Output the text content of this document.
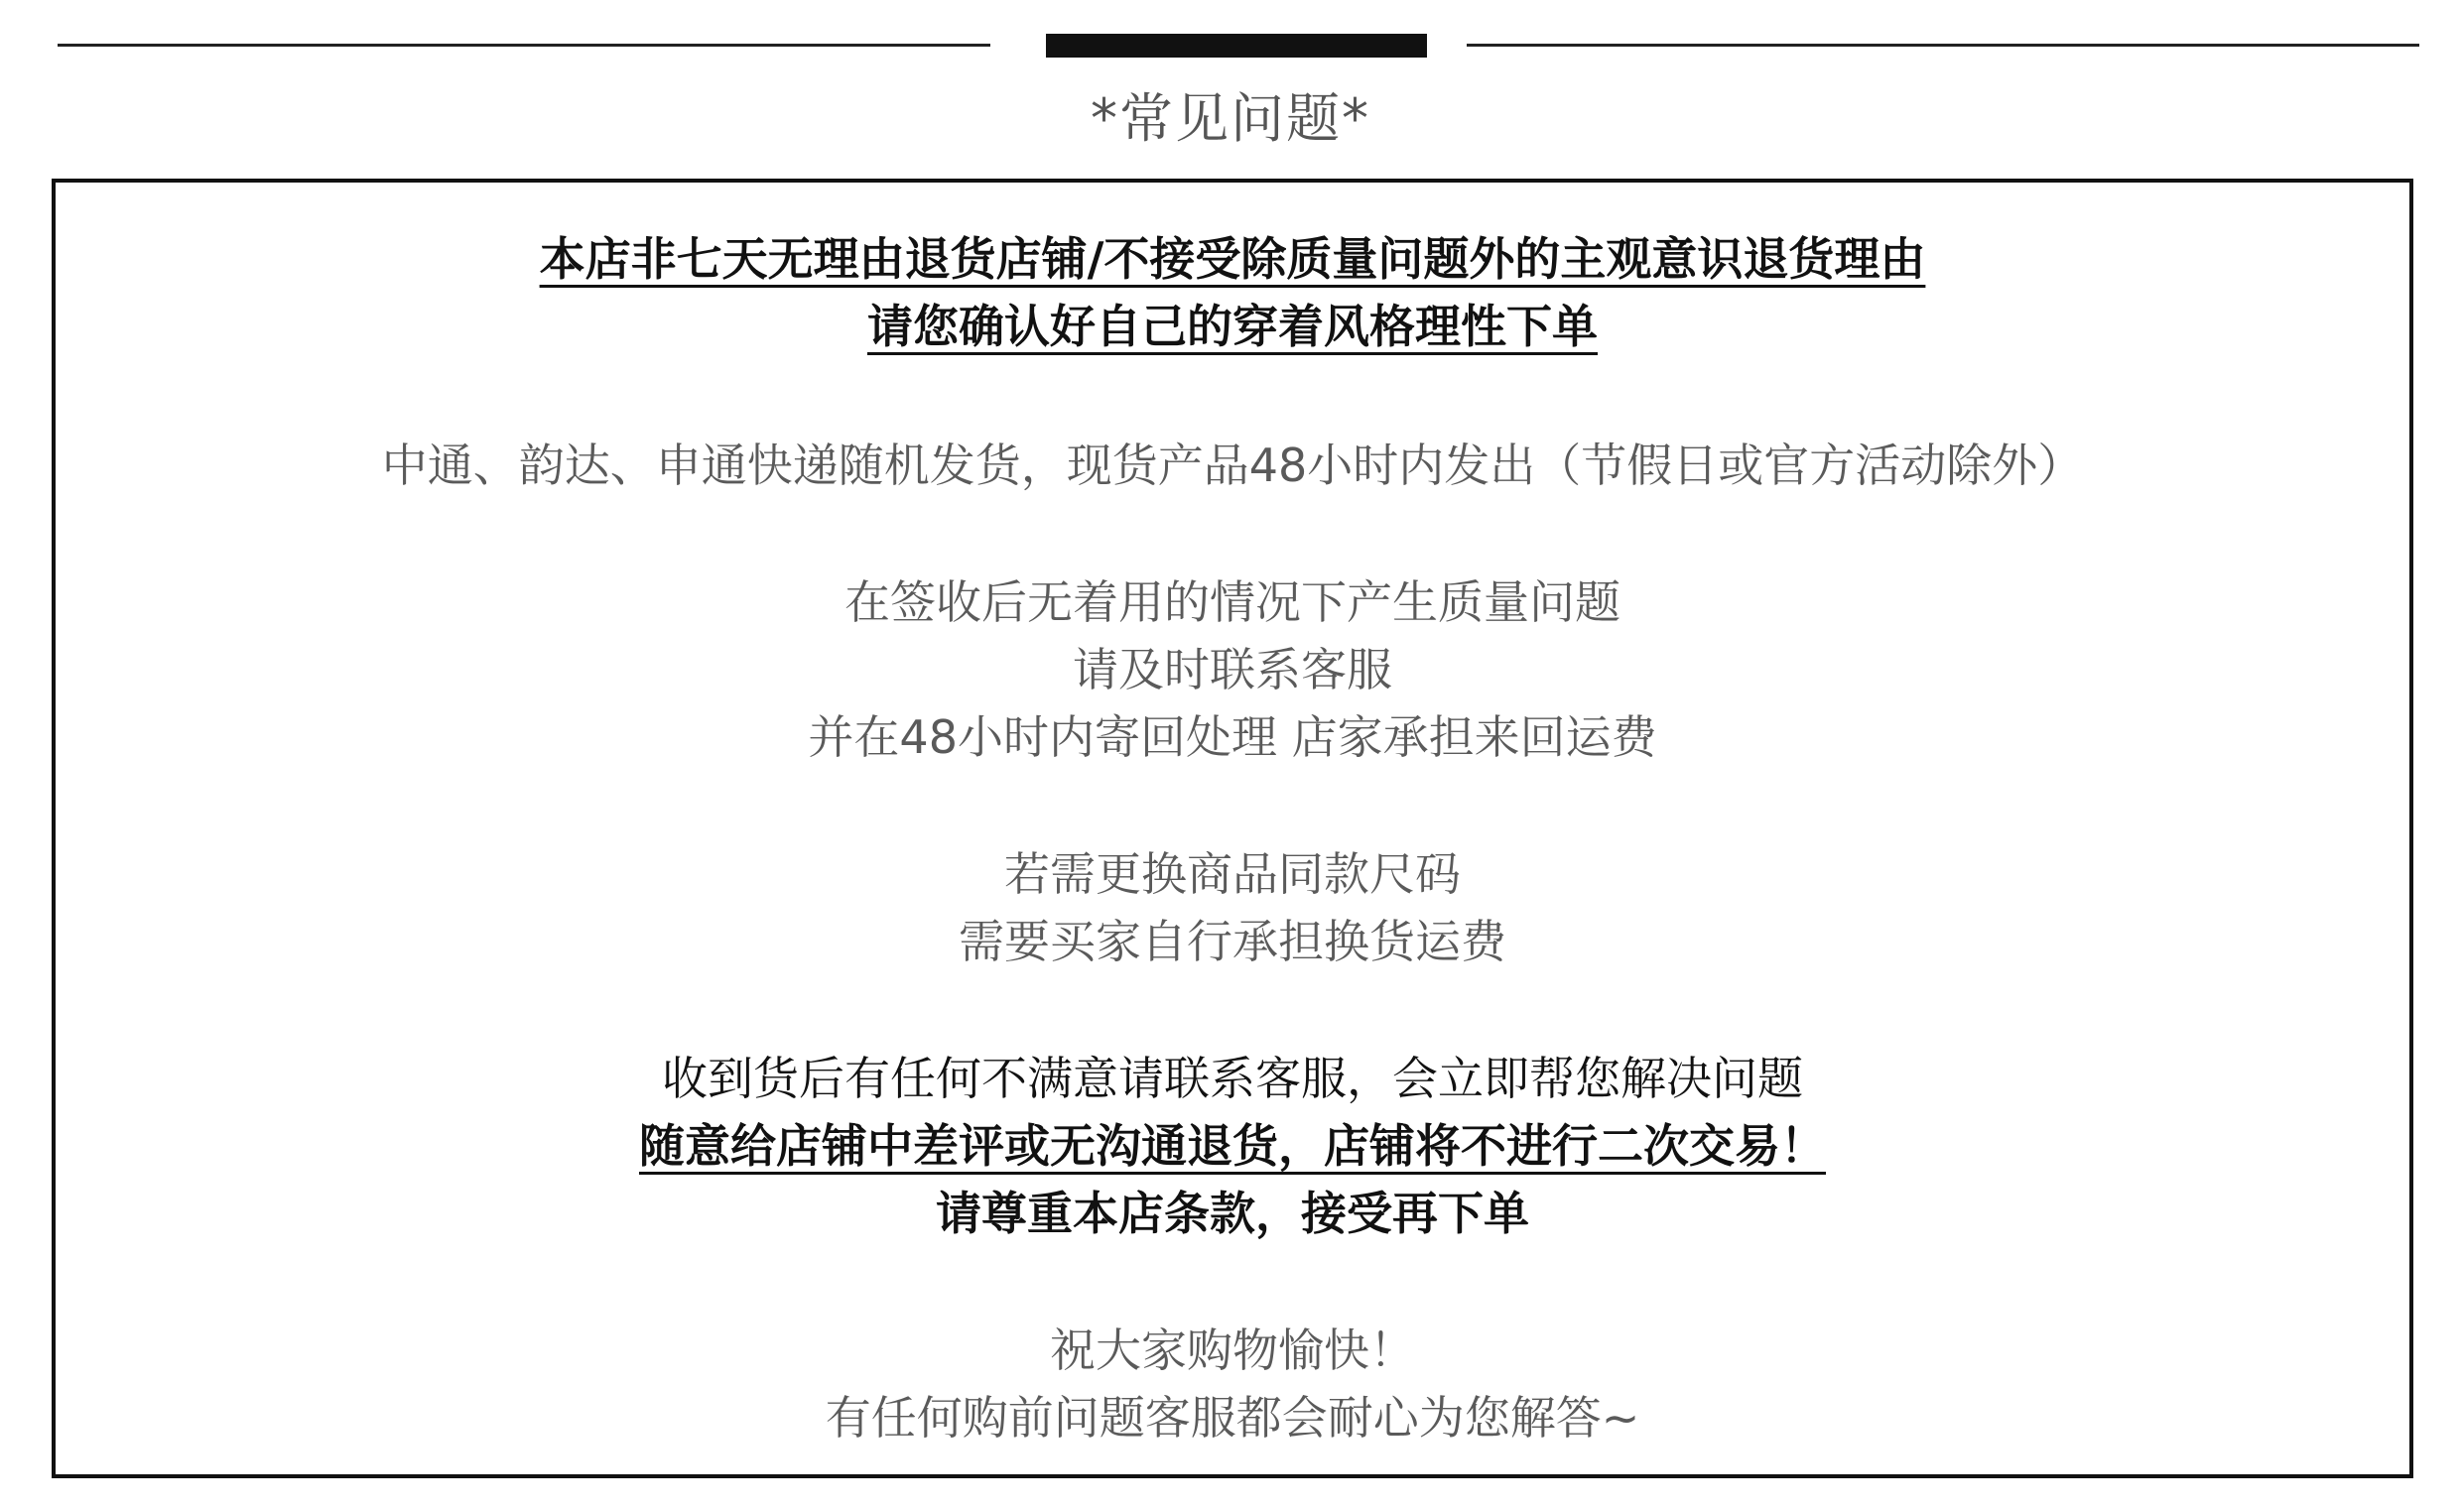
*常见问题*
本店非七天无理由退货店铺/不接受除质量问题外的主观意识退货理由
请您确认好自己的穿着风格理性下单
中通、韵达、申通快递随机发货，现货产品48小时内发出（节假日或官方活动除外）
在签收后无着用的情况下产生质量问题
请及时联系客服
并在48小时内寄回处理 店家承担来回运费
若需更换商品同款尺码
需要买家自行承担换货运费
收到货后有任何不满意请联系客服，会立即帮您解决问题
随意给店铺中差评或无沟通退货，店铺将不进行二次交易！
请尊重本店条款，接受再下单
祝大家购物愉快！
有任何购前问题客服都会耐心为您解答~
